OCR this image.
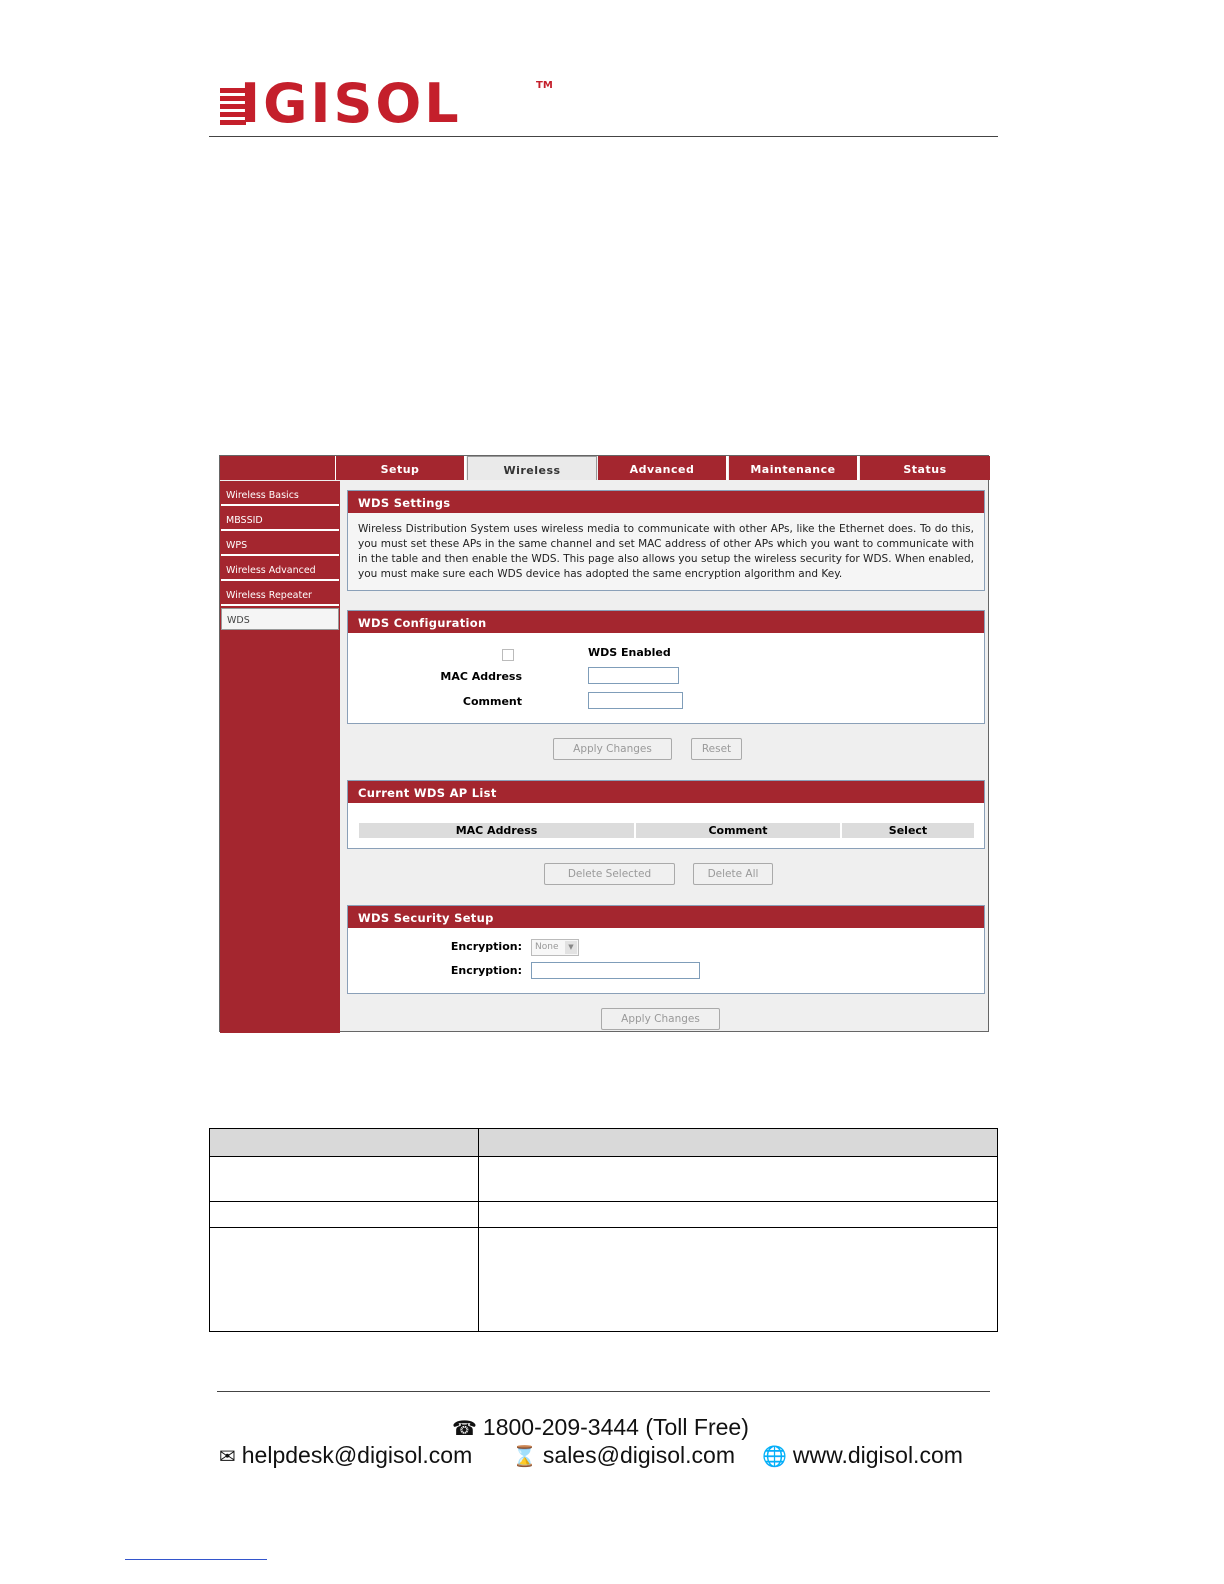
IGISOL	TM
Setup	Wireless	Advanced	Maintenance	Status
Wireless Basics
MBSSID
WPS
Wireless Advanced
Wireless Repeater
WDS
WDS Settings
Wireless Distribution System uses wireless media to communicate with other APs, like the Ethernet does. To do this, you must set these APs in the same channel and set MAC address of other APs which you want to communicate with in the table and then enable the WDS. This page also allows you setup the wireless security for WDS. When enabled, you must make sure each WDS device has adopted the same encryption algorithm and Key.
WDS Configuration
WDS Enabled
MAC Address
Comment
Apply Changes	Reset
Current WDS AP List
MAC Address	Comment	Select
Delete Selected	Delete All
WDS Security Setup
Encryption:	None	▼
Encryption:
Apply Changes
☎ 1800-209-3444 (Toll Free)
✉ helpdesk@digisol.com ⌛ sales@digisol.com 🌐 www.digisol.com
